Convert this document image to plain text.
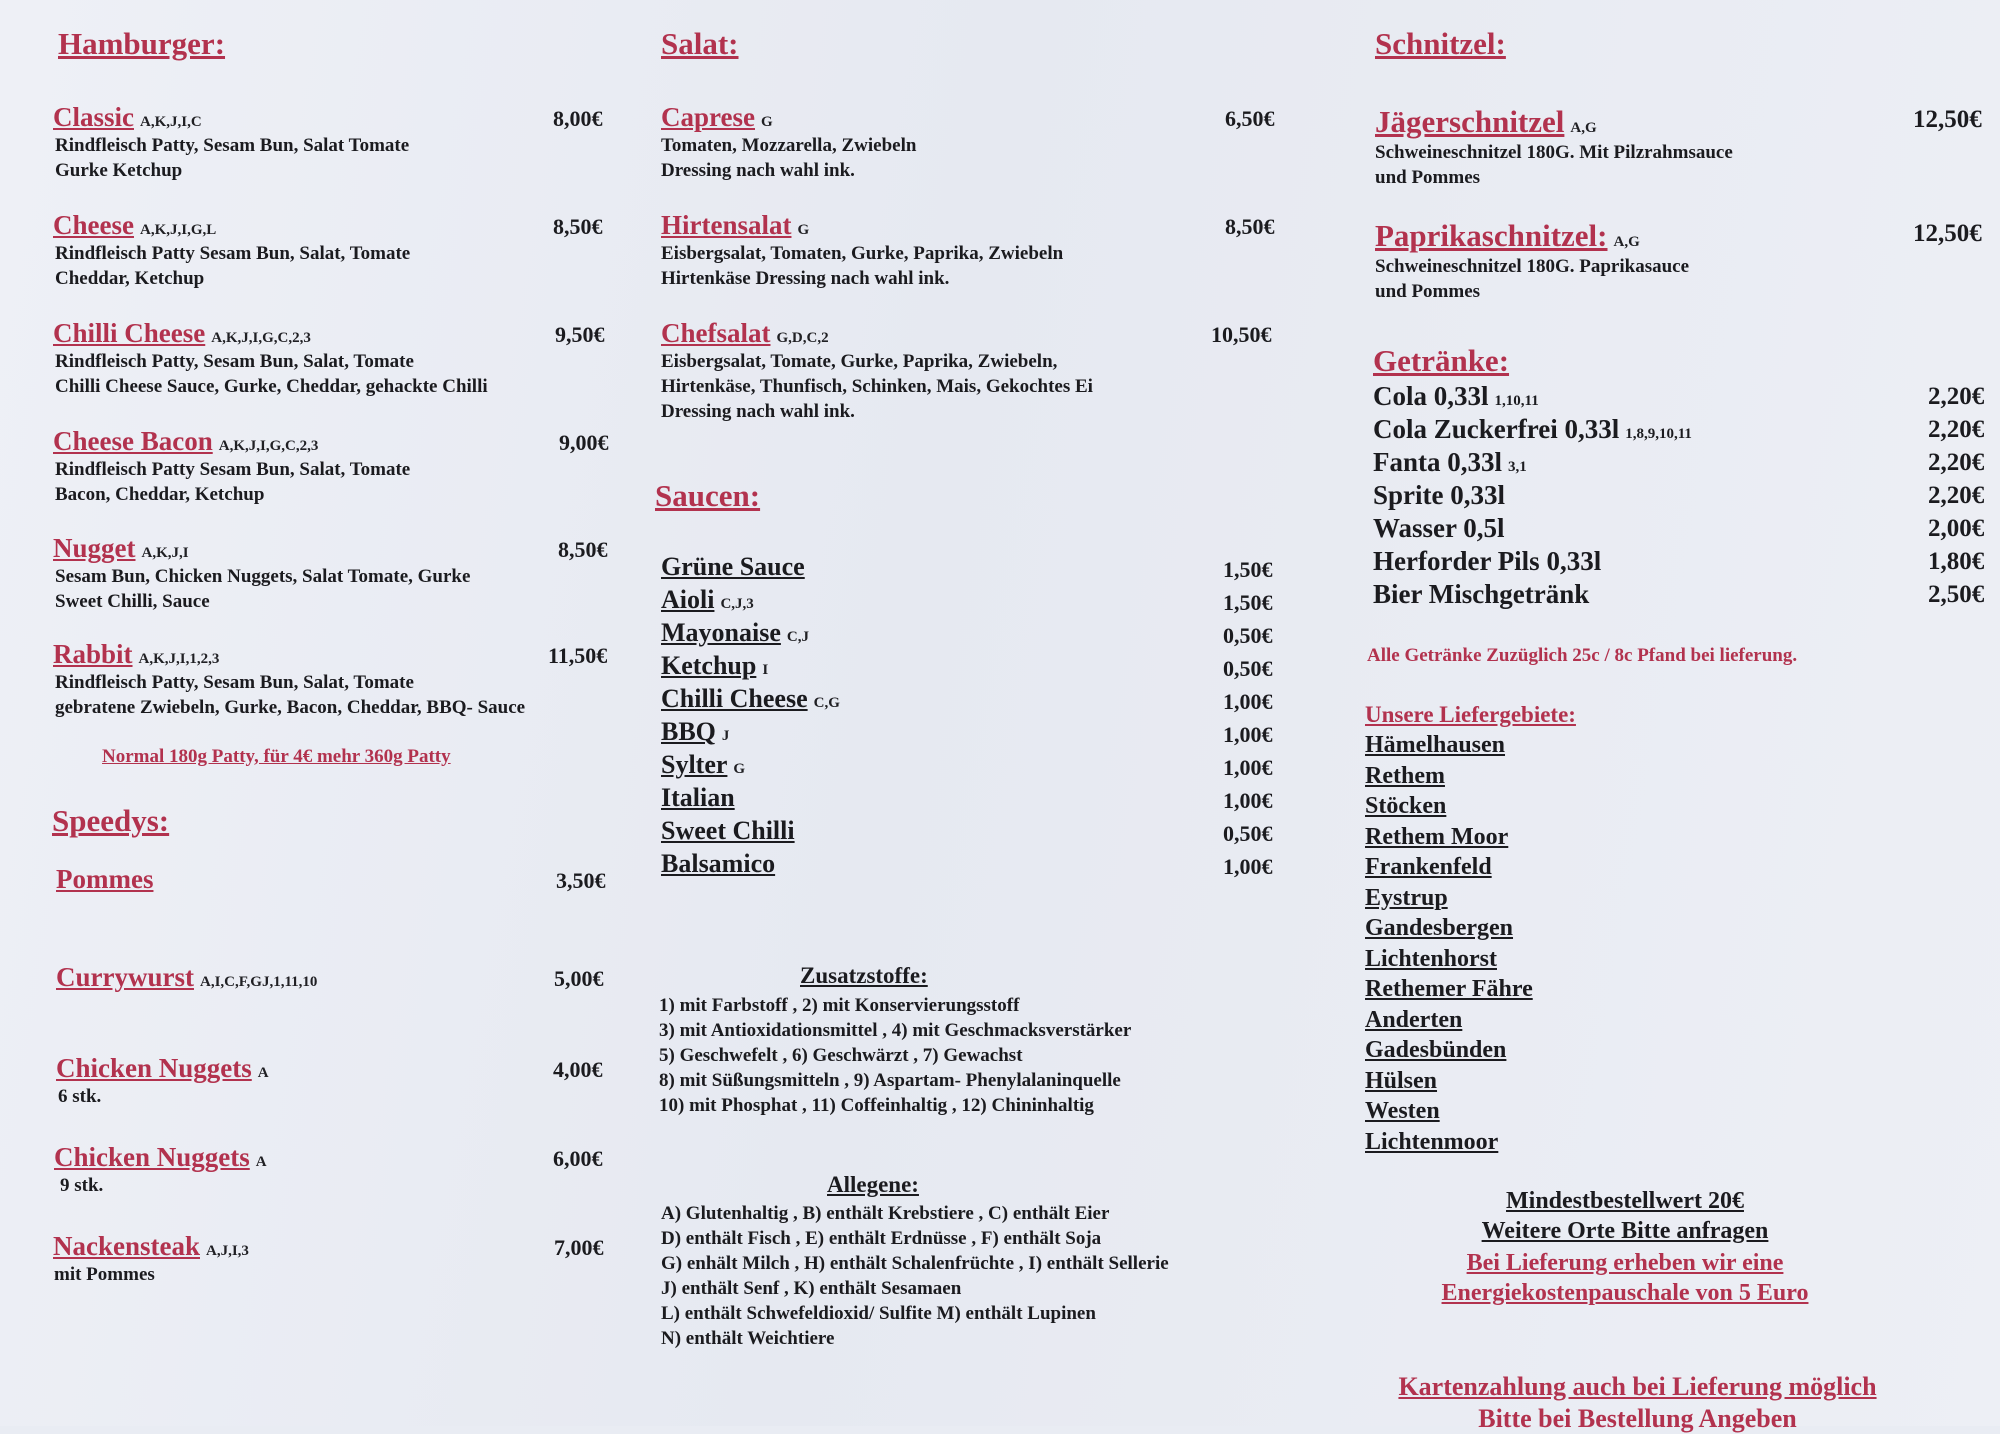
Hamburger:
Classic A,K,J,I,C	8,00€
Rindfleisch Patty, Sesam Bun, Salat Tomate
Gurke Ketchup
Cheese A,K,J,I,G,L	8,50€
Rindfleisch Patty Sesam Bun, Salat, Tomate
Cheddar, Ketchup
Chilli Cheese A,K,J,I,G,C,2,3	9,50€
Rindfleisch Patty, Sesam Bun, Salat, Tomate
Chilli Cheese Sauce, Gurke, Cheddar, gehackte Chilli
Cheese Bacon A,K,J,I,G,C,2,3	9,00€
Rindfleisch Patty Sesam Bun, Salat, Tomate
Bacon, Cheddar, Ketchup
Nugget A,K,J,I	8,50€
Sesam Bun, Chicken Nuggets, Salat Tomate, Gurke
Sweet Chilli, Sauce
Rabbit A,K,J,I,1,2,3	11,50€
Rindfleisch Patty, Sesam Bun, Salat, Tomate
gebratene Zwiebeln, Gurke, Bacon, Cheddar, BBQ- Sauce
Normal 180g Patty, für 4€ mehr 360g Patty
Speedys:
Pommes	3,50€
Currywurst A,I,C,F,GJ,1,11,10	5,00€
Chicken Nuggets A	4,00€
6 stk.
Chicken Nuggets A	6,00€
9 stk.
Nackensteak A,J,I,3	7,00€
mit Pommes
Salat:
Caprese G	6,50€
Tomaten, Mozzarella, Zwiebeln
Dressing nach wahl ink.
Hirtensalat G	8,50€
Eisbergsalat, Tomaten, Gurke, Paprika, Zwiebeln
Hirtenkäse Dressing nach wahl ink.
Chefsalat G,D,C,2	10,50€
Eisbergsalat, Tomate, Gurke, Paprika, Zwiebeln,
Hirtenkäse, Thunfisch, Schinken, Mais, Gekochtes Ei
Dressing nach wahl ink.
Saucen:
Grüne Sauce	1,50€
Aioli C,J,3	1,50€
Mayonaise C,J	0,50€
Ketchup I	0,50€
Chilli Cheese C,G	1,00€
BBQ J	1,00€
Sylter G	1,00€
Italian	1,00€
Sweet Chilli	0,50€
Balsamico	1,00€
Zusatzstoffe:
1) mit Farbstoff , 2) mit Konservierungsstoff
3) mit Antioxidationsmittel , 4) mit Geschmacksverstärker
5) Geschwefelt , 6) Geschwärzt , 7) Gewachst
8) mit Süßungsmitteln , 9) Aspartam- Phenylalaninquelle
10) mit Phosphat , 11) Coffeinhaltig , 12) Chininhaltig
Allegene:
A) Glutenhaltig , B) enthält Krebstiere , C) enthält Eier
D) enthält Fisch , E) enthält Erdnüsse , F) enthält Soja
G) enhält Milch , H) enthält Schalenfrüchte , I) enthält Sellerie
J) enthält Senf , K) enthält Sesamaen
L) enthält Schwefeldioxid/ Sulfite M) enthält Lupinen
N) enthält Weichtiere
Schnitzel:
Jägerschnitzel A,G	12,50€
Schweineschnitzel 180G. Mit Pilzrahmsauce
und Pommes
Paprikaschnitzel: A,G	12,50€
Schweineschnitzel 180G. Paprikasauce
und Pommes
Getränke:
Cola 0,33l 1,10,11	2,20€
Cola Zuckerfrei 0,33l 1,8,9,10,11	2,20€
Fanta 0,33l 3,1	2,20€
Sprite 0,33l	2,20€
Wasser 0,5l	2,00€
Herforder Pils 0,33l	1,80€
Bier Mischgetränk	2,50€
Alle Getränke Zuzüglich 25c / 8c Pfand bei lieferung.
Unsere Liefergebiete:
Hämelhausen
Rethem
Stöcken
Rethem Moor
Frankenfeld
Eystrup
Gandesbergen
Lichtenhorst
Rethemer Fähre
Anderten
Gadesbünden
Hülsen
Westen
Lichtenmoor
Mindestbestellwert 20€
Weitere Orte Bitte anfragen
Bei Lieferung erheben wir eine
Energiekostenpauschale von 5 Euro
Kartenzahlung auch bei Lieferung möglich
Bitte bei Bestellung Angeben
